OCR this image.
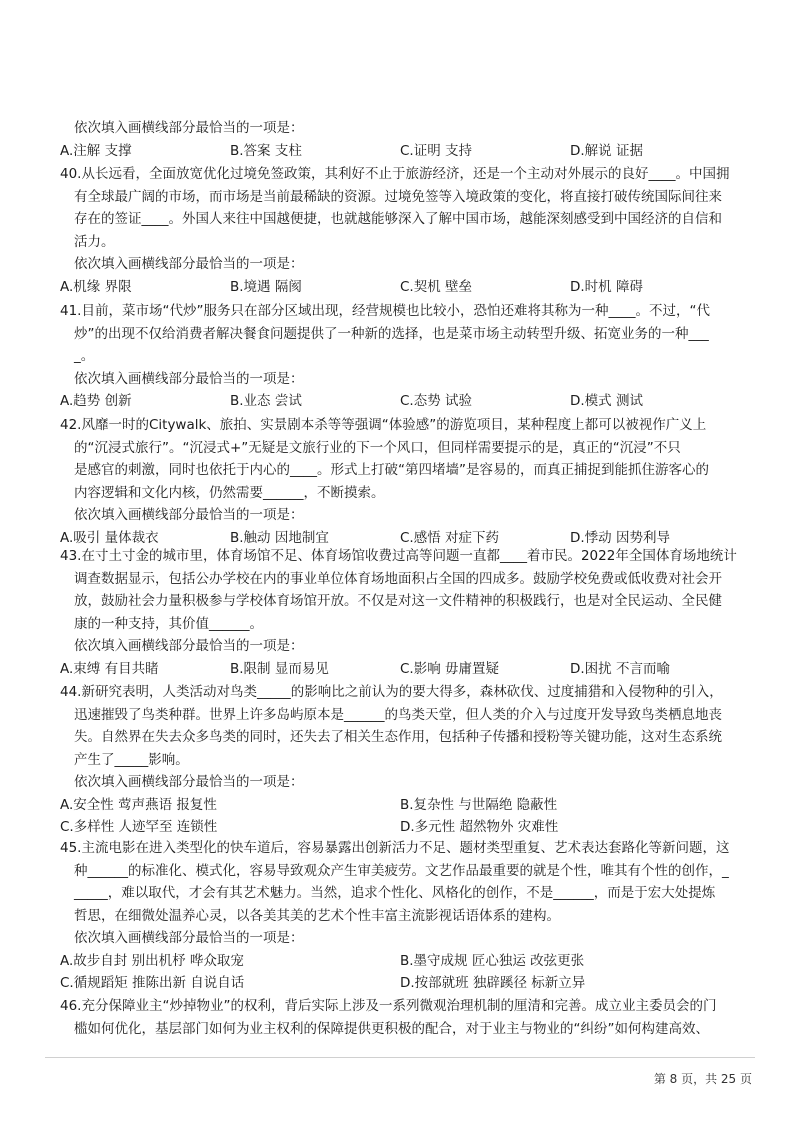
依次填入画横线部分最恰当的一项是：
A.注解 支撑	B.答案 支柱	C.证明 支持	D.解说 证据
40.从长远看，全面放宽优化过境免签政策，其利好不止于旅游经济，还是一个主动对外展示的良好____。中国拥
有全球最广阔的市场，而市场是当前最稀缺的资源。过境免签等入境政策的变化，将直接打破传统国际间往来
存在的签证____。外国人来往中国越便捷，也就越能够深入了解中国市场，越能深刻感受到中国经济的自信和
活力。
依次填入画横线部分最恰当的一项是：
A.机缘 界限	B.境遇 隔阂	C.契机 壁垒	D.时机 障碍
41.目前，菜市场“代炒”服务只在部分区域出现，经营规模也比较小，恐怕还难将其称为一种____。不过，“代
炒”的出现不仅给消费者解决餐食问题提供了一种新的选择，也是菜市场主动转型升级、拓宽业务的一种___
_。
依次填入画横线部分最恰当的一项是：
A.趋势 创新	B.业态 尝试	C.态势 试验	D.模式 测试
42.风靡一时的Citywalk、旅拍、实景剧本杀等等强调“体验感”的游览项目，某种程度上都可以被视作广义上
的“沉浸式旅行”。“沉浸式+”无疑是文旅行业的下一个风口，但同样需要提示的是，真正的“沉浸”不只
是感官的刺激，同时也依托于内心的____。形式上打破“第四堵墙”是容易的，而真正捕捉到能抓住游客心的
内容逻辑和文化内核，仍然需要______，不断摸索。
依次填入画横线部分最恰当的一项是：
A.吸引 量体裁衣	B.触动 因地制宜	C.感悟 对症下药	D.悸动 因势利导
43.在寸土寸金的城市里，体育场馆不足、体育场馆收费过高等问题一直都____着市民。2022年全国体育场地统计
调查数据显示，包括公办学校在内的事业单位体育场地面积占全国的四成多。鼓励学校免费或低收费对社会开
放，鼓励社会力量积极参与学校体育场馆开放。不仅是对这一文件精神的积极践行，也是对全民运动、全民健
康的一种支持，其价值______。
依次填入画横线部分最恰当的一项是：
A.束缚 有目共睹	B.限制 显而易见	C.影响 毋庸置疑	D.困扰 不言而喻
44.新研究表明，人类活动对鸟类_____的影响比之前认为的要大得多，森林砍伐、过度捕猎和入侵物种的引入，
迅速摧毁了鸟类种群。世界上许多岛屿原本是______的鸟类天堂，但人类的介入与过度开发导致鸟类栖息地丧
失。自然界在失去众多鸟类的同时，还失去了相关生态作用，包括种子传播和授粉等关键功能，这对生态系统
产生了_____影响。
依次填入画横线部分最恰当的一项是：
A.安全性 莺声燕语 报复性	B.复杂性 与世隔绝 隐蔽性
C.多样性 人迹罕至 连锁性	D.多元性 超然物外 灾难性
45.主流电影在进入类型化的快车道后，容易暴露出创新活力不足、题材类型重复、艺术表达套路化等新问题，这
种______的标准化、模式化，容易导致观众产生审美疲劳。文艺作品最重要的就是个性，唯其有个性的创作，_
_____，难以取代，才会有其艺术魅力。当然，追求个性化、风格化的创作，不是______，而是于宏大处提炼
哲思，在细微处温养心灵，以各美其美的艺术个性丰富主流影视话语体系的建构。
依次填入画横线部分最恰当的一项是：
A.故步自封 别出机杼 哗众取宠	B.墨守成规 匠心独运 改弦更张
C.循规蹈矩 推陈出新 自说自话	D.按部就班 独辟蹊径 标新立异
46.充分保障业主“炒掉物业”的权利，背后实际上涉及一系列微观治理机制的厘清和完善。成立业主委员会的门
槛如何优化，基层部门如何为业主权利的保障提供更积极的配合，对于业主与物业的“纠纷”如何构建高效、
第 8 页，共 25 页
